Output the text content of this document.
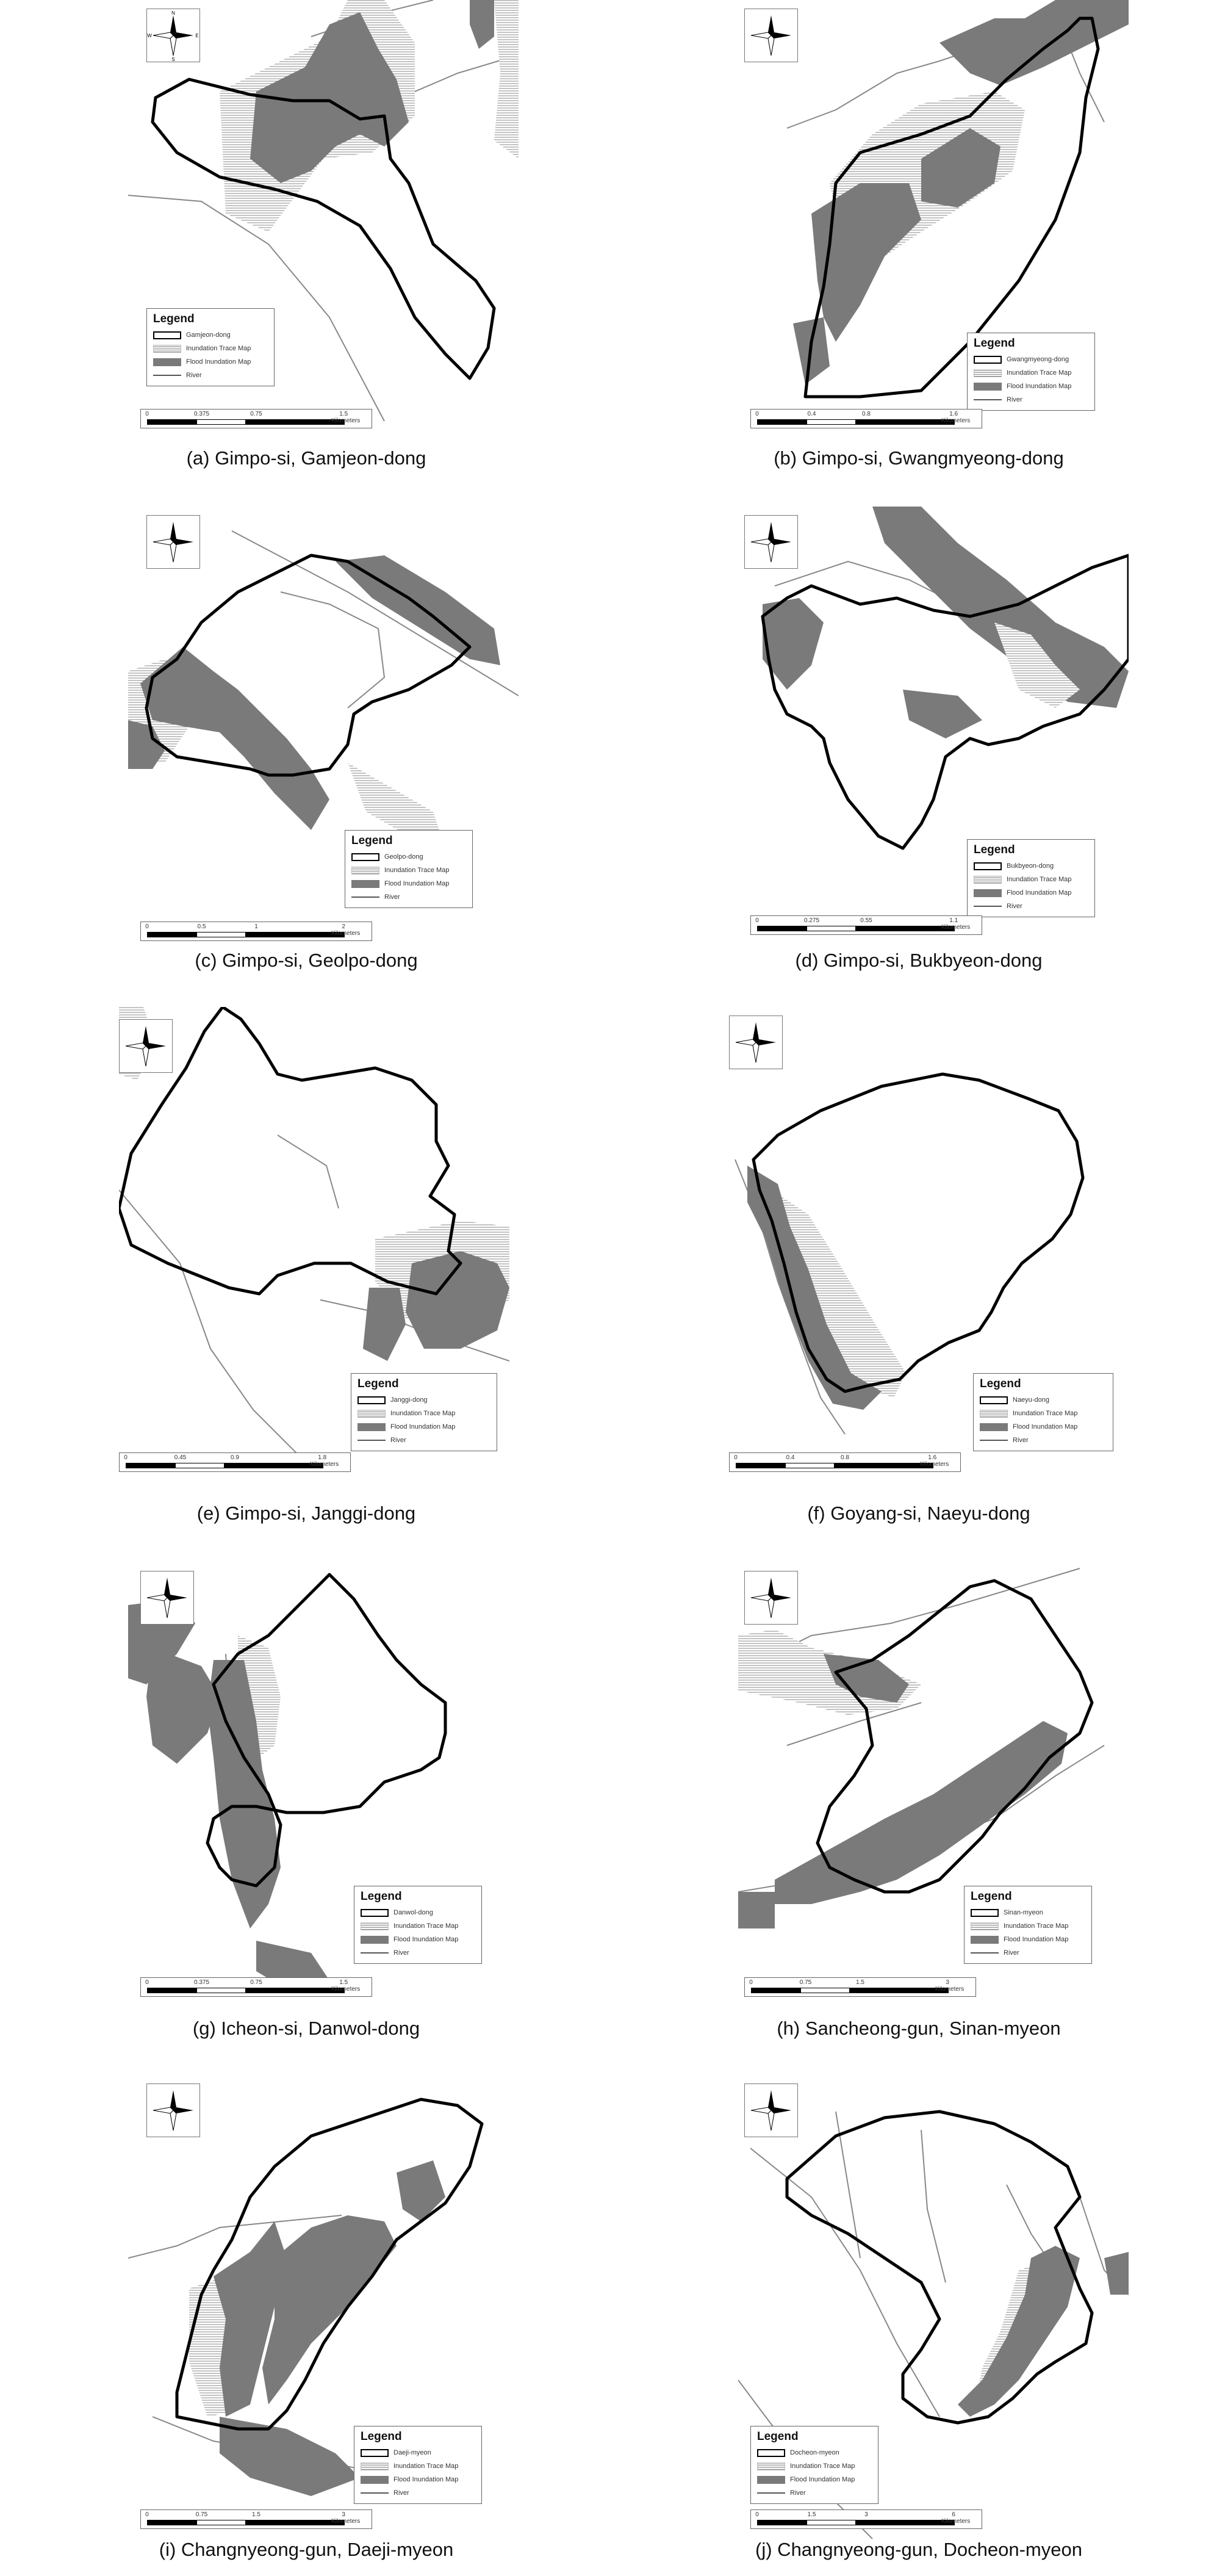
N
S
E
W
Legend
Gamjeon-dong
Inundation Trace Map
Flood Inundation Map
River
0	0.375	0.75	1.5
Kilometers
Legend
Gwangmyeong-dong
Inundation Trace Map
Flood Inundation Map
River
0	0.4	0.8	1.6
Kilometers
Legend
Geolpo-dong
Inundation Trace Map
Flood Inundation Map
River
0	0.5	1	2
Kilometers
Legend
Bukbyeon-dong
Inundation Trace Map
Flood Inundation Map
River
0	0.275	0.55	1.1
Kilometers
Legend
Janggi-dong
Inundation Trace Map
Flood Inundation Map
River
0	0.45	0.9	1.8
Kilometers
Legend
Naeyu-dong
Inundation Trace Map
Flood Inundation Map
River
0	0.4	0.8	1.6
Kilometers
Legend
Danwol-dong
Inundation Trace Map
Flood Inundation Map
River
0	0.375	0.75	1.5
Kilometers
Legend
Sinan-myeon
Inundation Trace Map
Flood Inundation Map
River
0	0.75	1.5	3
Kilometers
Legend
Daeji-myeon
Inundation Trace Map
Flood Inundation Map
River
0	0.75	1.5	3
Kilometers
Legend
Docheon-myeon
Inundation Trace Map
Flood Inundation Map
River
0	1.5	3	6
Kilometers
(a) Gimpo-si, Gamjeon-dong	(b) Gimpo-si, Gwangmyeong-dong
(c) Gimpo-si, Geolpo-dong	(d) Gimpo-si, Bukbyeon-dong
(e) Gimpo-si, Janggi-dong	(f) Goyang-si, Naeyu-dong
(g) Icheon-si, Danwol-dong	(h) Sancheong-gun, Sinan-myeon
(i) Changnyeong-gun, Daeji-myeon	(j) Changnyeong-gun, Docheon-myeon
